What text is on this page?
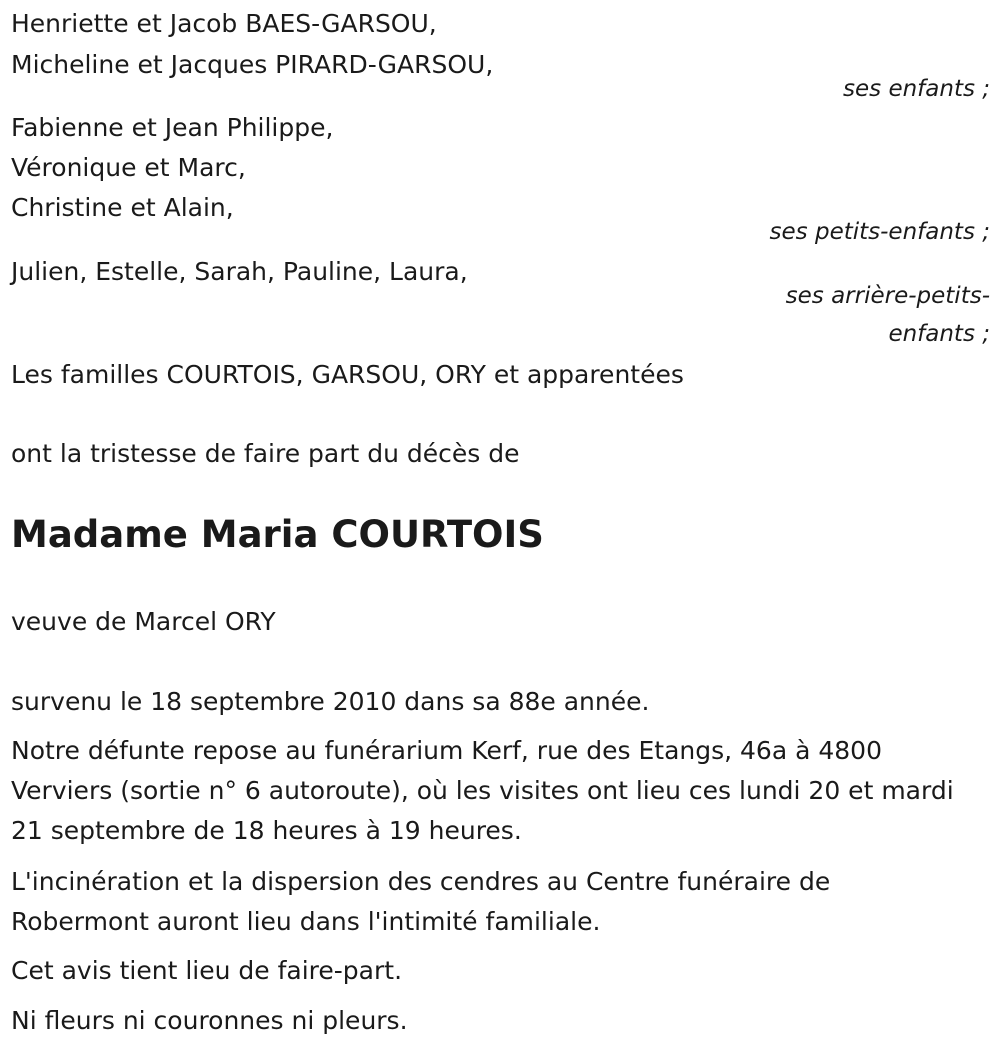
Henriette et Jacob BAES-GARSOU,

Micheline et Jacques PIRARD-GARSOU,

ses enfants ;

Fabienne et Jean Philippe,

Véronique et Marc,

Christine et Alain,

ses petits-enfants ;

Julien, Estelle, Sarah, Pauline, Laura,

ses arrière-petits-

enfants ;

Les familles COURTOIS, GARSOU, ORY et apparentées

ont la tristesse de faire part du décès de

Madame Maria COURTOIS

veuve de Marcel ORY

survenu le 18 septembre 2010 dans sa 88e année.

Notre défunte repose au funérarium Kerf, rue des Etangs, 46a à 4800 Verviers (sortie n° 6 autoroute), où les visites ont lieu ces lundi 20 et mardi 21 septembre de 18 heures à 19 heures.

L'incinération et la dispersion des cendres au Centre funéraire de Robermont auront lieu dans l'intimité familiale.

Cet avis tient lieu de faire-part.

Ni fleurs ni couronnes ni pleurs.
